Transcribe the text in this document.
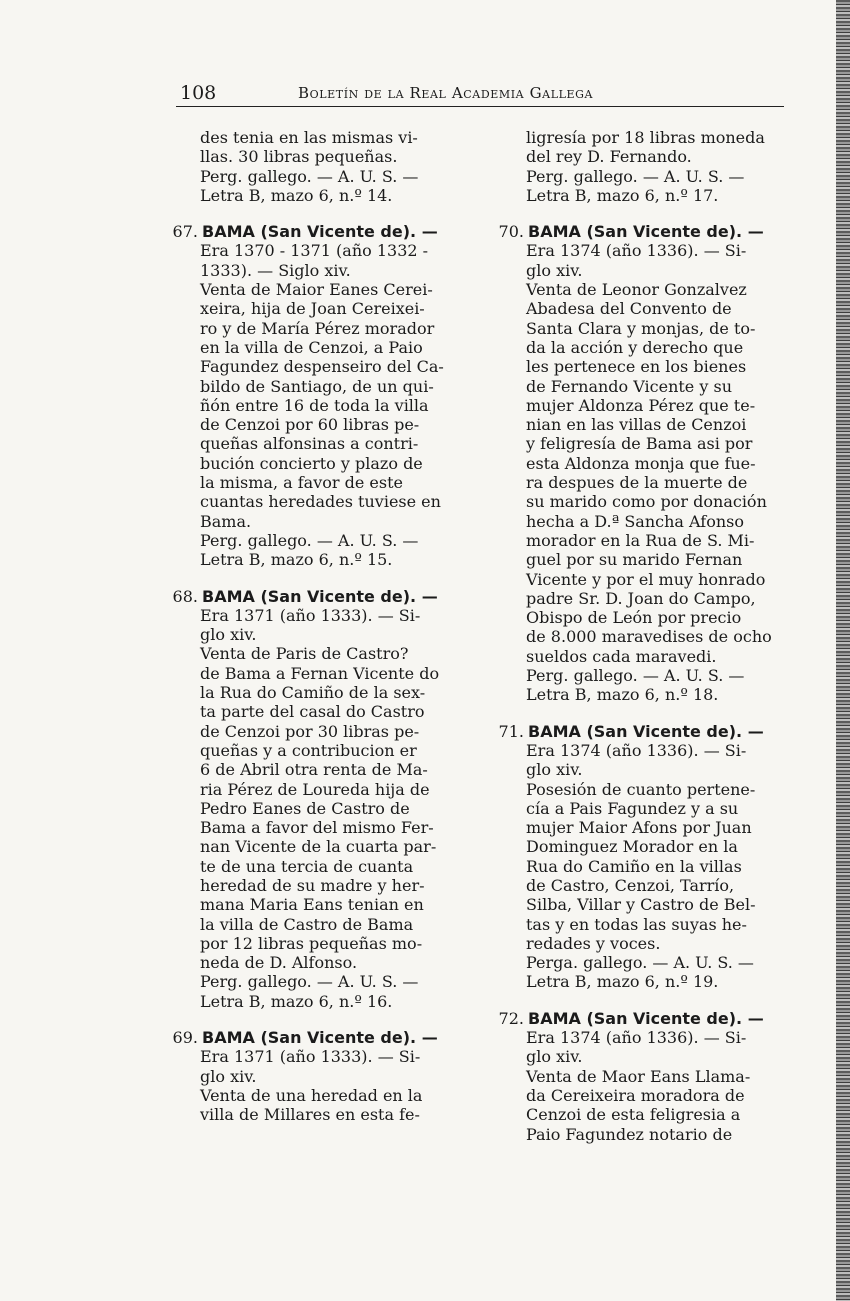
108	Boletín de la Real Academia Gallega
des tenia en las mismas vi-
llas. 30 libras pequeñas.
Perg. gallego. — A. U. S. —
Letra B, mazo 6, n.º 14.
67. BAMA (San Vicente de). —
Era 1370 - 1371 (año 1332 -
1333). — Siglo xiv.
Venta de Maior Eanes Cerei-
xeira, hija de Joan Cereixei-
ro y de María Pérez morador
en la villa de Cenzoi, a Paio
Fagundez despenseiro del Ca-
bildo de Santiago, de un qui-
ñón entre 16 de toda la villa
de Cenzoi por 60 libras pe-
queñas alfonsinas a contri-
bución concierto y plazo de
la misma, a favor de este
cuantas heredades tuviese en
Bama.
Perg. gallego. — A. U. S. —
Letra B, mazo 6, n.º 15.
68. BAMA (San Vicente de). —
Era 1371 (año 1333). — Si-
glo xiv.
Venta de Paris de Castro?
de Bama a Fernan Vicente do
la Rua do Camiño de la sex-
ta parte del casal do Castro
de Cenzoi por 30 libras pe-
queñas y a contribucion er
6 de Abril otra renta de Ma-
ria Pérez de Loureda hija de
Pedro Eanes de Castro de
Bama a favor del mismo Fer-
nan Vicente de la cuarta par-
te de una tercia de cuanta
heredad de su madre y her-
mana Maria Eans tenian en
la villa de Castro de Bama
por 12 libras pequeñas mo-
neda de D. Alfonso.
Perg. gallego. — A. U. S. —
Letra B, mazo 6, n.º 16.
69. BAMA (San Vicente de). —
Era 1371 (año 1333). — Si-
glo xiv.
Venta de una heredad en la
villa de Millares en esta fe-
ligresía por 18 libras moneda
del rey D. Fernando.
Perg. gallego. — A. U. S. —
Letra B, mazo 6, n.º 17.
70. BAMA (San Vicente de). —
Era 1374 (año 1336). — Si-
glo xiv.
Venta de Leonor Gonzalvez
Abadesa del Convento de
Santa Clara y monjas, de to-
da la acción y derecho que
les pertenece en los bienes
de Fernando Vicente y su
mujer Aldonza Pérez que te-
nian en las villas de Cenzoi
y feligresía de Bama asi por
esta Aldonza monja que fue-
ra despues de la muerte de
su marido como por donación
hecha a D.ª Sancha Afonso
morador en la Rua de S. Mi-
guel por su marido Fernan
Vicente y por el muy honrado
padre Sr. D. Joan do Campo,
Obispo de León por precio
de 8.000 maravedises de ocho
sueldos cada maravedi.
Perg. gallego. — A. U. S. —
Letra B, mazo 6, n.º 18.
71. BAMA (San Vicente de). —
Era 1374 (año 1336). — Si-
glo xiv.
Posesión de cuanto pertene-
cía a Pais Fagundez y a su
mujer Maior Afons por Juan
Dominguez Morador en la
Rua do Camiño en la villas
de Castro, Cenzoi, Tarrío,
Silba, Villar y Castro de Bel-
tas y en todas las suyas he-
redades y voces.
Perga. gallego. — A. U. S. —
Letra B, mazo 6, n.º 19.
72. BAMA (San Vicente de). —
Era 1374 (año 1336). — Si-
glo xiv.
Venta de Maor Eans Llama-
da Cereixeira moradora de
Cenzoi de esta feligresia a
Paio Fagundez notario de
